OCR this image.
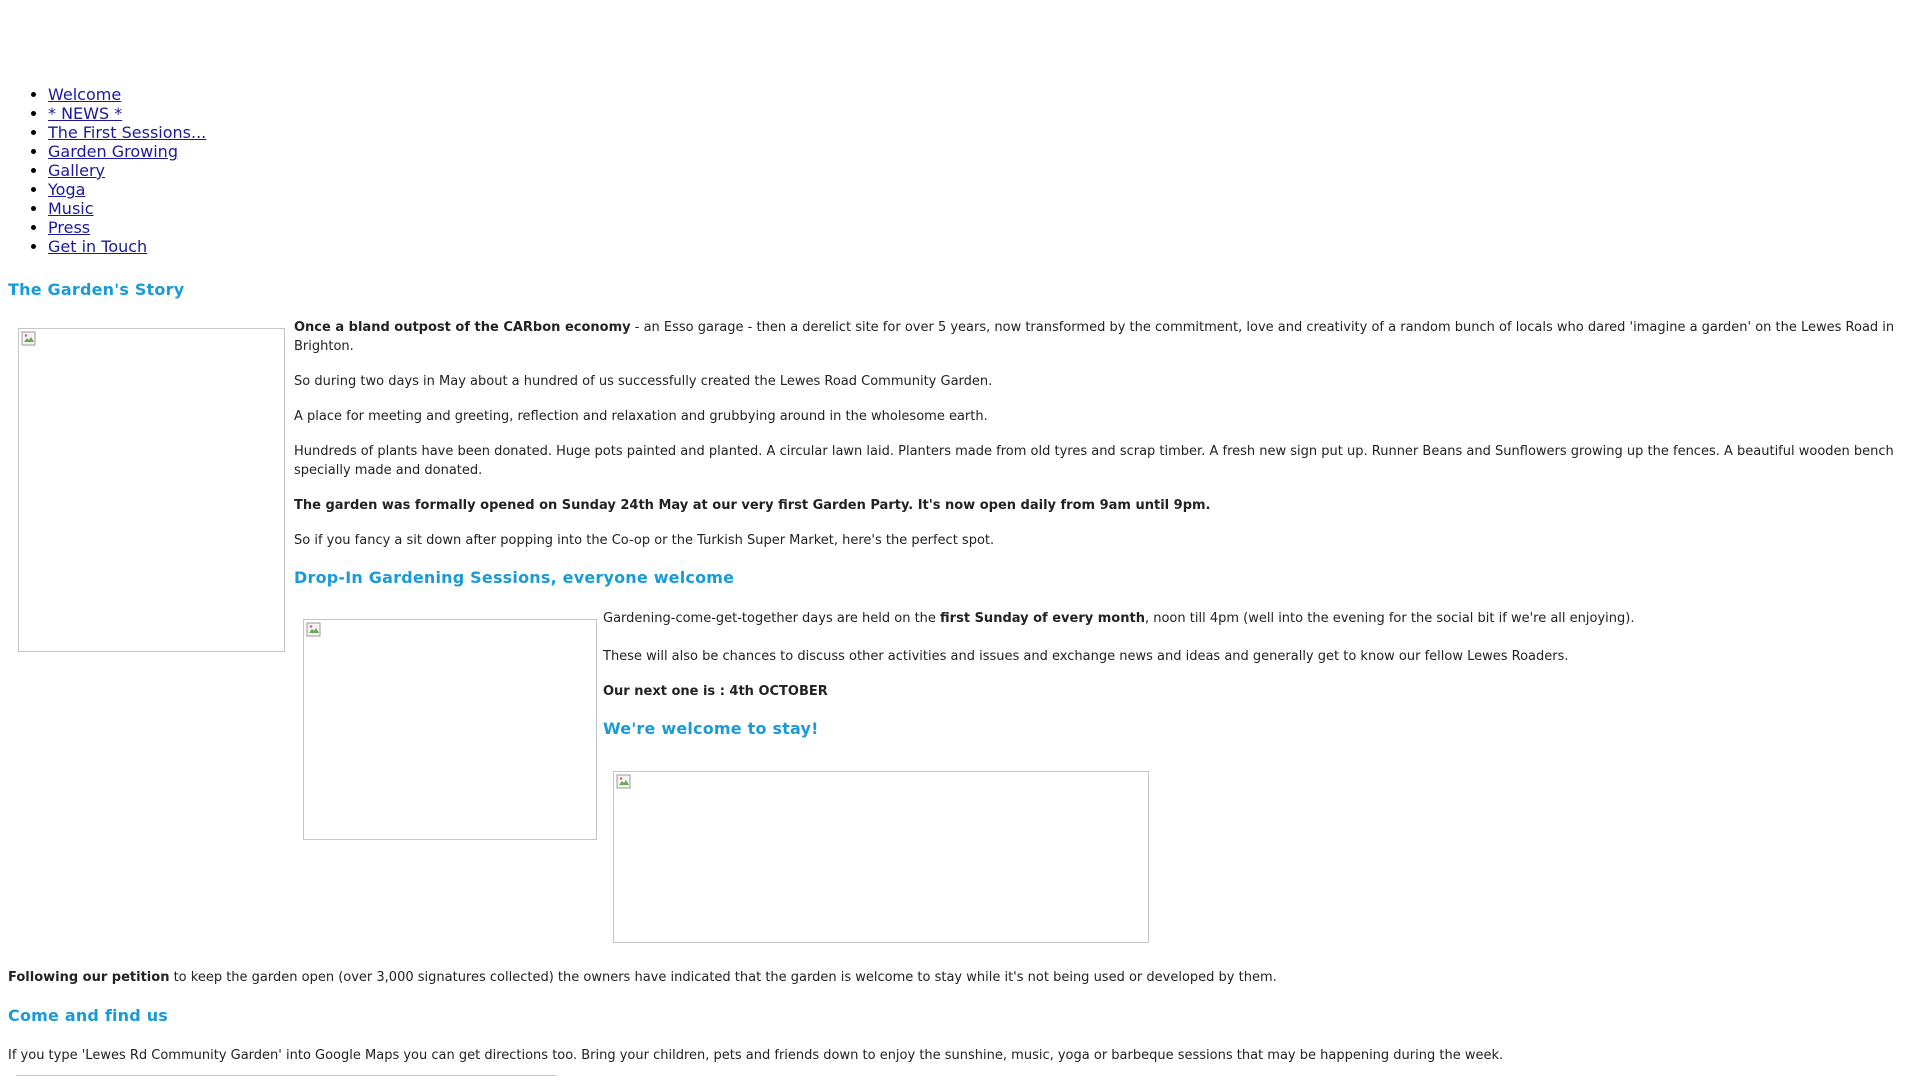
• Welcome
• * NEWS *
• The First Sessions...
• Garden Growing
• Gallery
• Yoga
• Music
• Press
• Get in Touch
The Garden's Story

Once a bland outpost of the CARbon economy - an Esso garage - then a derelict site for over 5 years, now transformed by the commitment, love and creativity of a random bunch of locals who dared 'imagine a garden' on the Lewes Road in Brighton.

So during two days in May about a hundred of us successfully created the Lewes Road Community Garden.

A place for meeting and greeting, reflection and relaxation and grubbying around in the wholesome earth.

Hundreds of plants have been donated. Huge pots painted and planted. A circular lawn laid. Planters made from old tyres and scrap timber. A fresh new sign put up. Runner Beans and Sunflowers growing up the fences. A beautiful wooden bench specially made and donated.

The garden was formally opened on Sunday 24th May at our very first Garden Party. It's now open daily from 9am until 9pm.

So if you fancy a sit down after popping into the Co-op or the Turkish Super Market, here's the perfect spot.

Drop-In Gardening Sessions, everyone welcome

Gardening-come-get-together days are held on the first Sunday of every month, noon till 4pm (well into the evening for the social bit if we're all enjoying).

These will also be chances to discuss other activities and issues and exchange news and ideas and generally get to know our fellow Lewes Roaders.

Our next one is : 4th OCTOBER

We're welcome to stay!

Following our petition to keep the garden open (over 3,000 signatures collected) the owners have indicated that the garden is welcome to stay while it's not being used or developed by them.

Come and find us

If you type 'Lewes Rd Community Garden' into Google Maps you can get directions too. Bring your children, pets and friends down to enjoy the sunshine, music, yoga or barbeque sessions that may be happening during the week.
